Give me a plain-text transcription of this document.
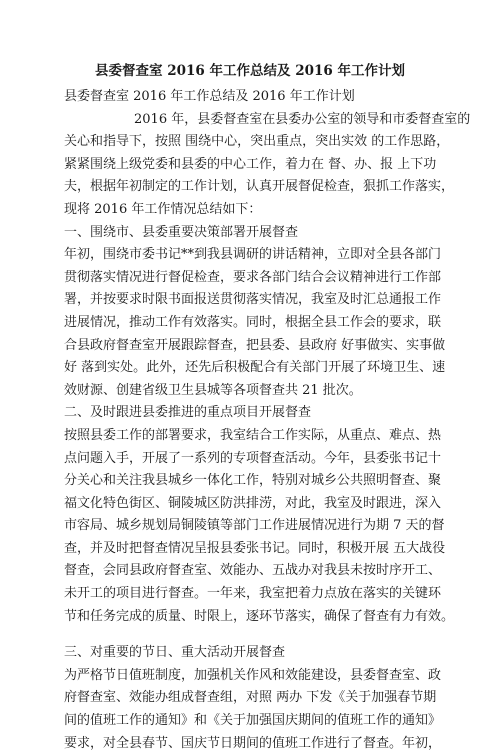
县委督查室 2016 年工作总结及 2016 年工作计划
县委督查室 2016 年工作总结及 2016 年工作计划
2016 年，县委督查室在县委办公室的领导和市委督查室的
关心和指导下，按照 围绕中心，突出重点，突出实效 的工作思路，
紧紧围绕上级党委和县委的中心工作，着力在 督、办、报 上下功
夫，根据年初制定的工作计划，认真开展督促检查，狠抓工作落实，
现将 2016 年工作情况总结如下：
一、围绕市、县委重要决策部署开展督查
年初，围绕市委书记**到我县调研的讲话精神，立即对全县各部门
贯彻落实情况进行督促检查，要求各部门结合会议精神进行工作部
署，并按要求时限书面报送贯彻落实情况，我室及时汇总通报工作
进展情况，推动工作有效落实。同时，根据全县工作会的要求，联
合县政府督查室开展跟踪督查，把县委、县政府 好事做实、实事做
好 落到实处。此外，还先后积极配合有关部门开展了环境卫生、速
效财源、创建省级卫生县城等各项督查共 21 批次。
二、及时跟进县委推进的重点项目开展督查
按照县委工作的部署要求，我室结合工作实际，从重点、难点、热
点问题入手，开展了一系列的专项督查活动。今年，县委张书记十
分关心和关注我县城乡一体化工作，特别对城乡公共照明督查、聚
福文化特色街区、铜陵城区防洪排涝，对此，我室及时跟进，深入
市容局、城乡规划局铜陵镇等部门工作进展情况进行为期 7 天的督
查，并及时把督查情况呈报县委张书记。同时，积极开展 五大战役
督查，会同县政府督查室、效能办、五战办对我县未按时序开工、
未开工的项目进行督查。一年来，我室把着力点放在落实的关键环
节和任务完成的质量、时限上，逐环节落实，确保了督查有力有效。
三、对重要的节日、重大活动开展督查
为严格节日值班制度，加强机关作风和效能建设，县委督查室、政
府督查室、效能办组成督查组，对照 两办 下发《关于加强春节期
间的值班工作的通知》和《关于加强国庆期间的值班工作的通知》
要求，对全县春节、国庆节日期间的值班工作进行了督查。年初，
